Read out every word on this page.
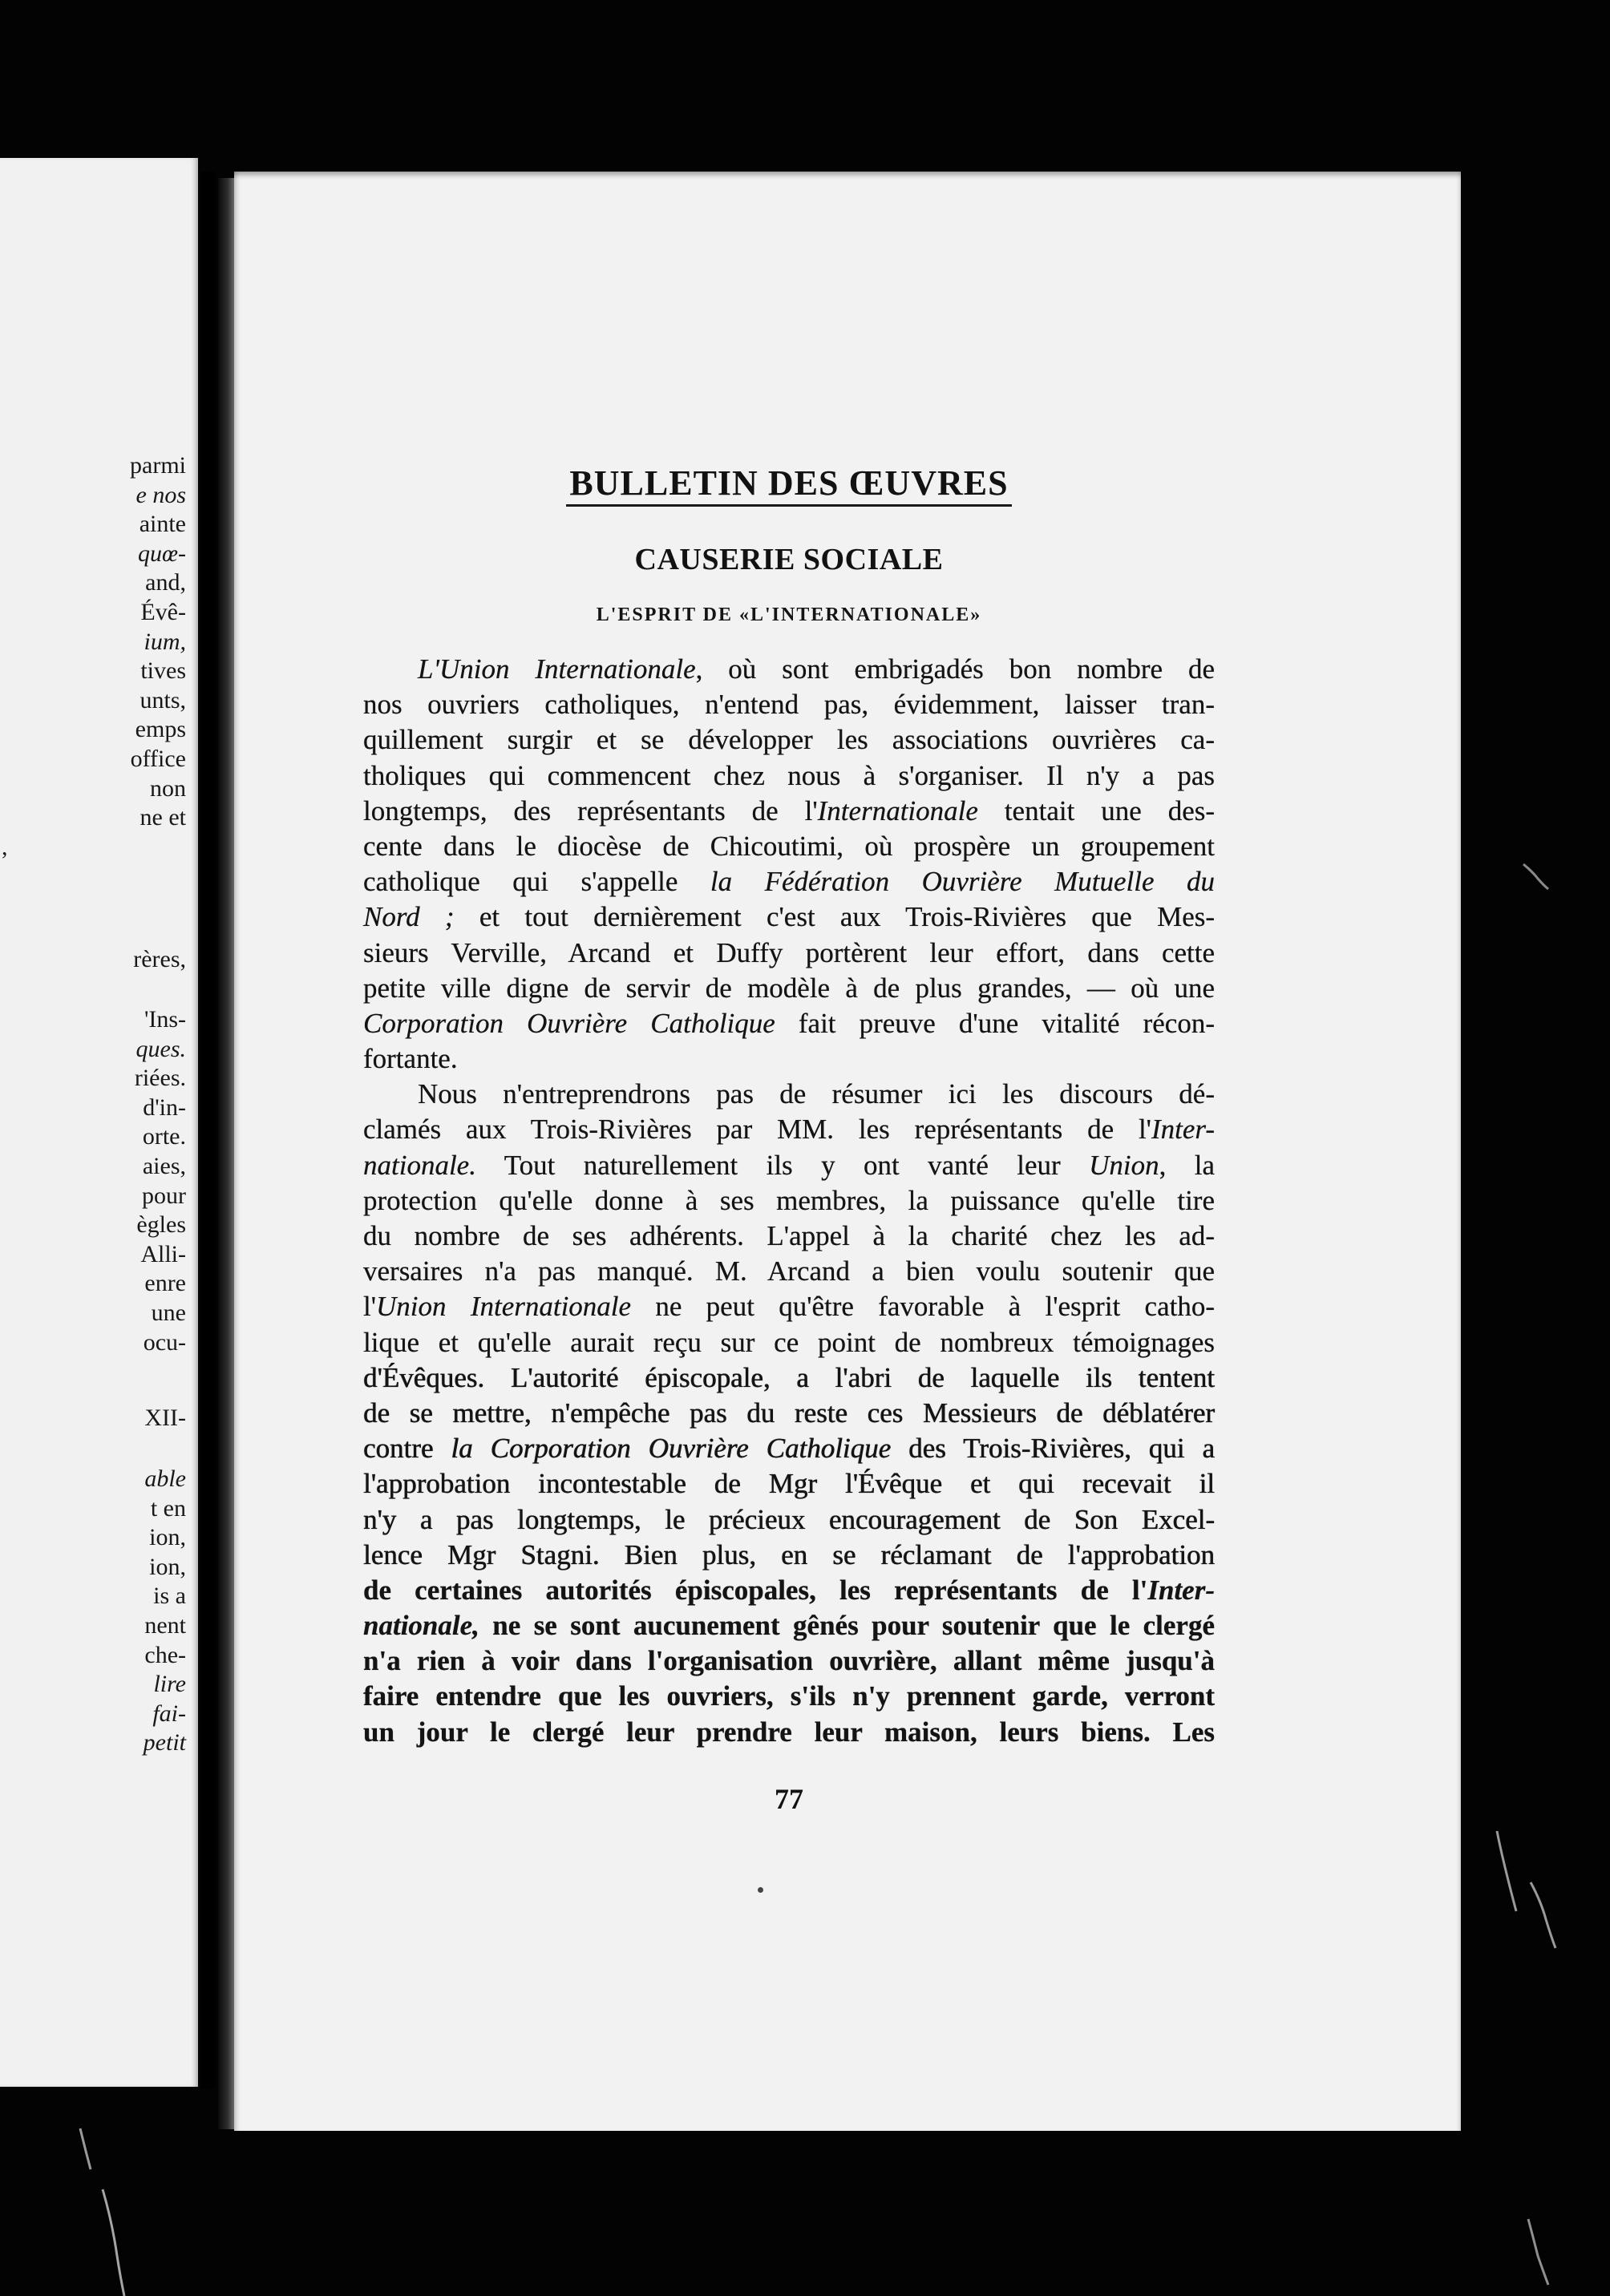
parmi
e nos
ainte
quœ-
and,
Évê-
ium,
tives
unts,
emps
office
non
ne et
,
rères,
'Ins-
ques.
riées.
d'in-
orte.
aies,
pour
ègles
Alli-
enre
une
ocu-
XII-
able
t en
ion,
ion,
is a
nent
che-
lire
fai-
petit
BULLETIN DES ŒUVRES
CAUSERIE SOCIALE
L'ESPRIT DE «L'INTERNATIONALE»
L'Union Internationale, où sont embrigadés bon nombre de
nos ouvriers catholiques, n'entend pas, évidemment, laisser tran-
quillement surgir et se développer les associations ouvrières ca-
tholiques qui commencent chez nous à s'organiser. Il n'y a pas
longtemps, des représentants de l'Internationale tentait une des-
cente dans le diocèse de Chicoutimi, où prospère un groupement
catholique qui s'appelle la Fédération Ouvrière Mutuelle du
Nord ; et tout dernièrement c'est aux Trois-Rivières que Mes-
sieurs Verville, Arcand et Duffy portèrent leur effort, dans cette
petite ville digne de servir de modèle à de plus grandes, — où une
Corporation Ouvrière Catholique fait preuve d'une vitalité récon-
fortante.
Nous n'entreprendrons pas de résumer ici les discours dé-
clamés aux Trois-Rivières par MM. les représentants de l'Inter-
nationale. Tout naturellement ils y ont vanté leur Union, la
protection qu'elle donne à ses membres, la puissance qu'elle tire
du nombre de ses adhérents. L'appel à la charité chez les ad-
versaires n'a pas manqué. M. Arcand a bien voulu soutenir que
l'Union Internationale ne peut qu'être favorable à l'esprit catho-
lique et qu'elle aurait reçu sur ce point de nombreux témoignages
d'Évêques. L'autorité épiscopale, a l'abri de laquelle ils tentent
de se mettre, n'empêche pas du reste ces Messieurs de déblatérer
contre la Corporation Ouvrière Catholique des Trois-Rivières, qui a
l'approbation incontestable de Mgr l'Évêque et qui recevait il
n'y a pas longtemps, le précieux encouragement de Son Excel-
lence Mgr Stagni. Bien plus, en se réclamant de l'approbation
de certaines autorités épiscopales, les représentants de l'Inter-
nationale, ne se sont aucunement gênés pour soutenir que le clergé
n'a rien à voir dans l'organisation ouvrière, allant même jusqu'à
faire entendre que les ouvriers, s'ils n'y prennent garde, verront
un jour le clergé leur prendre leur maison, leurs biens. Les
77
